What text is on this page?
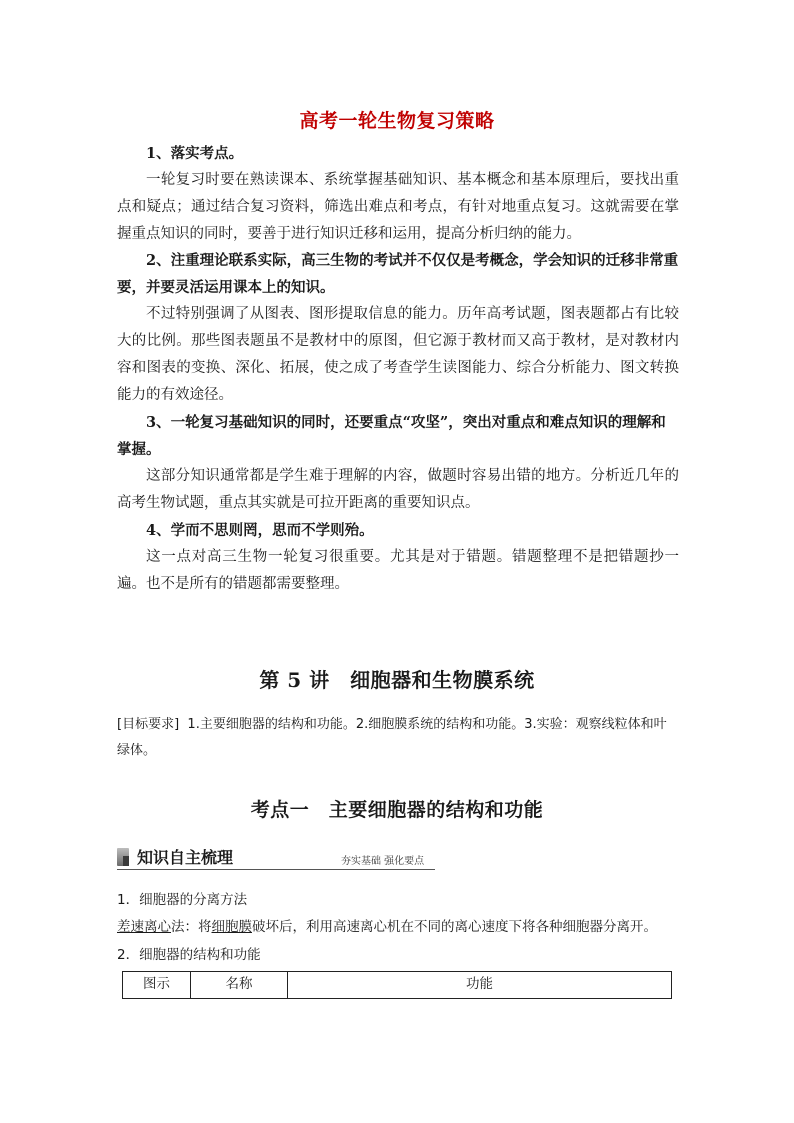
高考一轮生物复习策略
1、落实考点。
一轮复习时要在熟读课本、系统掌握基础知识、基本概念和基本原理后，要找出重点和疑点；通过结合复习资料，筛选出难点和考点，有针对地重点复习。这就需要在掌握重点知识的同时，要善于进行知识迁移和运用，提高分析归纳的能力。
2、注重理论联系实际，高三生物的考试并不仅仅是考概念，学会知识的迁移非常重要，并要灵活运用课本上的知识。
不过特别强调了从图表、图形提取信息的能力。历年高考试题，图表题都占有比较大的比例。那些图表题虽不是教材中的原图，但它源于教材而又高于教材，是对教材内容和图表的变换、深化、拓展，使之成了考查学生读图能力、综合分析能力、图文转换能力的有效途径。
3、一轮复习基础知识的同时，还要重点“攻坚”，突出对重点和难点知识的理解和掌握。
这部分知识通常都是学生难于理解的内容，做题时容易出错的地方。分析近几年的高考生物试题，重点其实就是可拉开距离的重要知识点。
4、学而不思则罔，思而不学则殆。
这一点对高三生物一轮复习很重要。尤其是对于错题。错题整理不是把错题抄一遍。也不是所有的错题都需要整理。
第 5 讲　细胞器和生物膜系统
[目标要求] 1.主要细胞器的结构和功能。2.细胞膜系统的结构和功能。3.实验：观察线粒体和叶绿体。
考点一　主要细胞器的结构和功能
知识自主梳理	夯实基础 强化要点
1．细胞器的分离方法
差速离心法：将细胞膜破坏后，利用高速离心机在不同的离心速度下将各种细胞器分离开。
2．细胞器的结构和功能
图示	名称	功能
